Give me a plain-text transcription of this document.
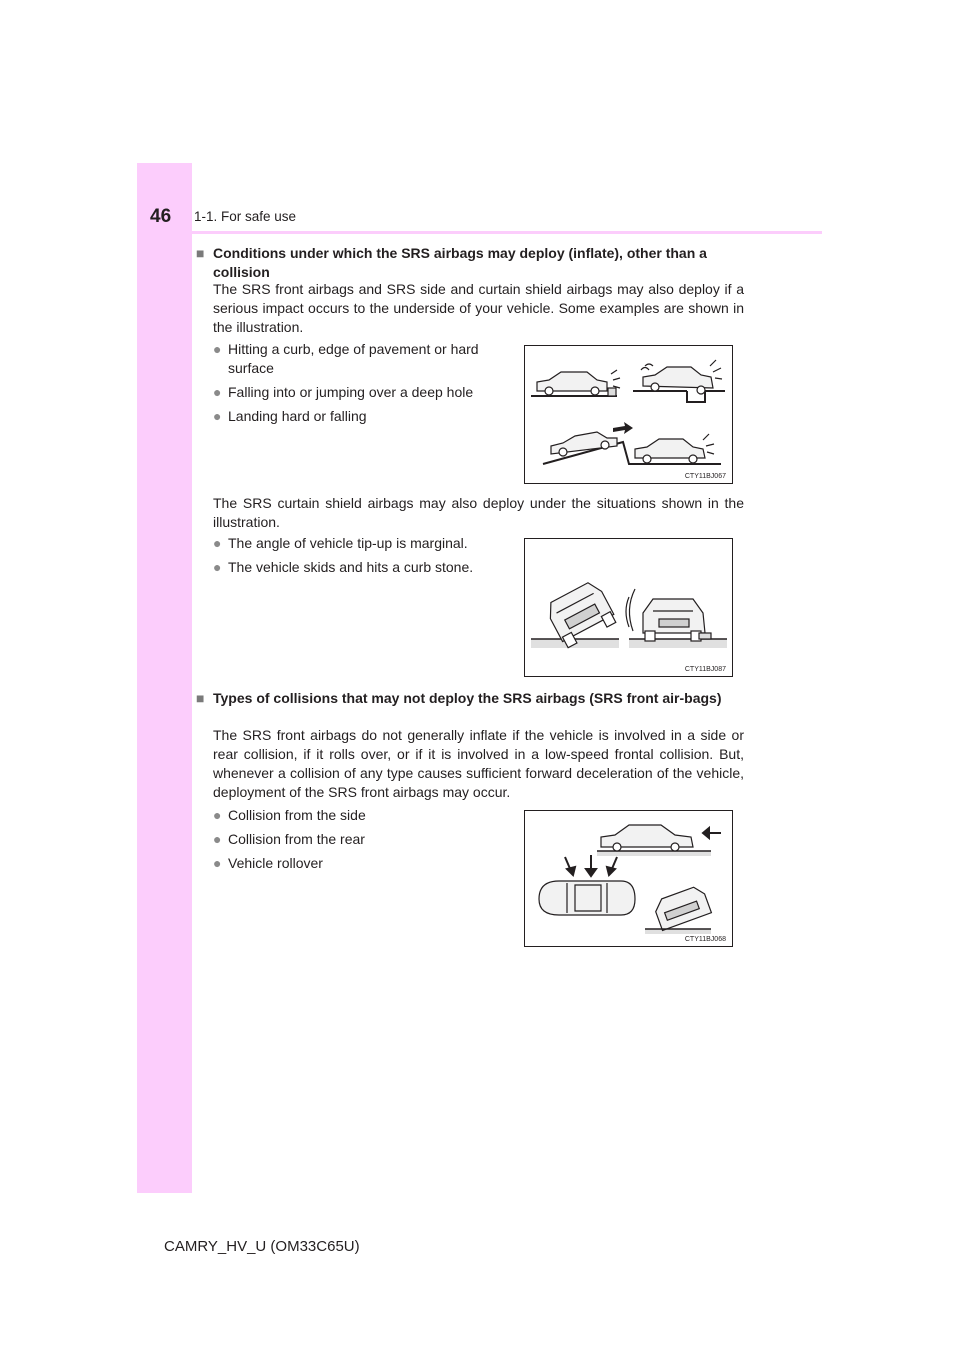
46 1-1. For safe use
■ Conditions under which the SRS airbags may deploy (inflate), other than a collision
The SRS front airbags and SRS side and curtain shield airbags may also deploy if a serious impact occurs to the underside of your vehicle. Some examples are shown in the illustration.
● Hitting a curb, edge of pavement or hard surface
● Falling into or jumping over a deep hole
● Landing hard or falling
CTY11BJ067
The SRS curtain shield airbags may also deploy under the situations shown in the illustration.
● The angle of vehicle tip-up is marginal.
● The vehicle skids and hits a curb stone.
CTY11BJ087
■ Types of collisions that may not deploy the SRS airbags (SRS front air-bags)
The SRS front airbags do not generally inflate if the vehicle is involved in a side or rear collision, if it rolls over, or if it is involved in a low-speed frontal collision. But, whenever a collision of any type causes sufficient forward deceleration of the vehicle, deployment of the SRS front airbags may occur.
● Collision from the side
● Collision from the rear
● Vehicle rollover
CTY11BJ068
CAMRY_HV_U (OM33C65U)
